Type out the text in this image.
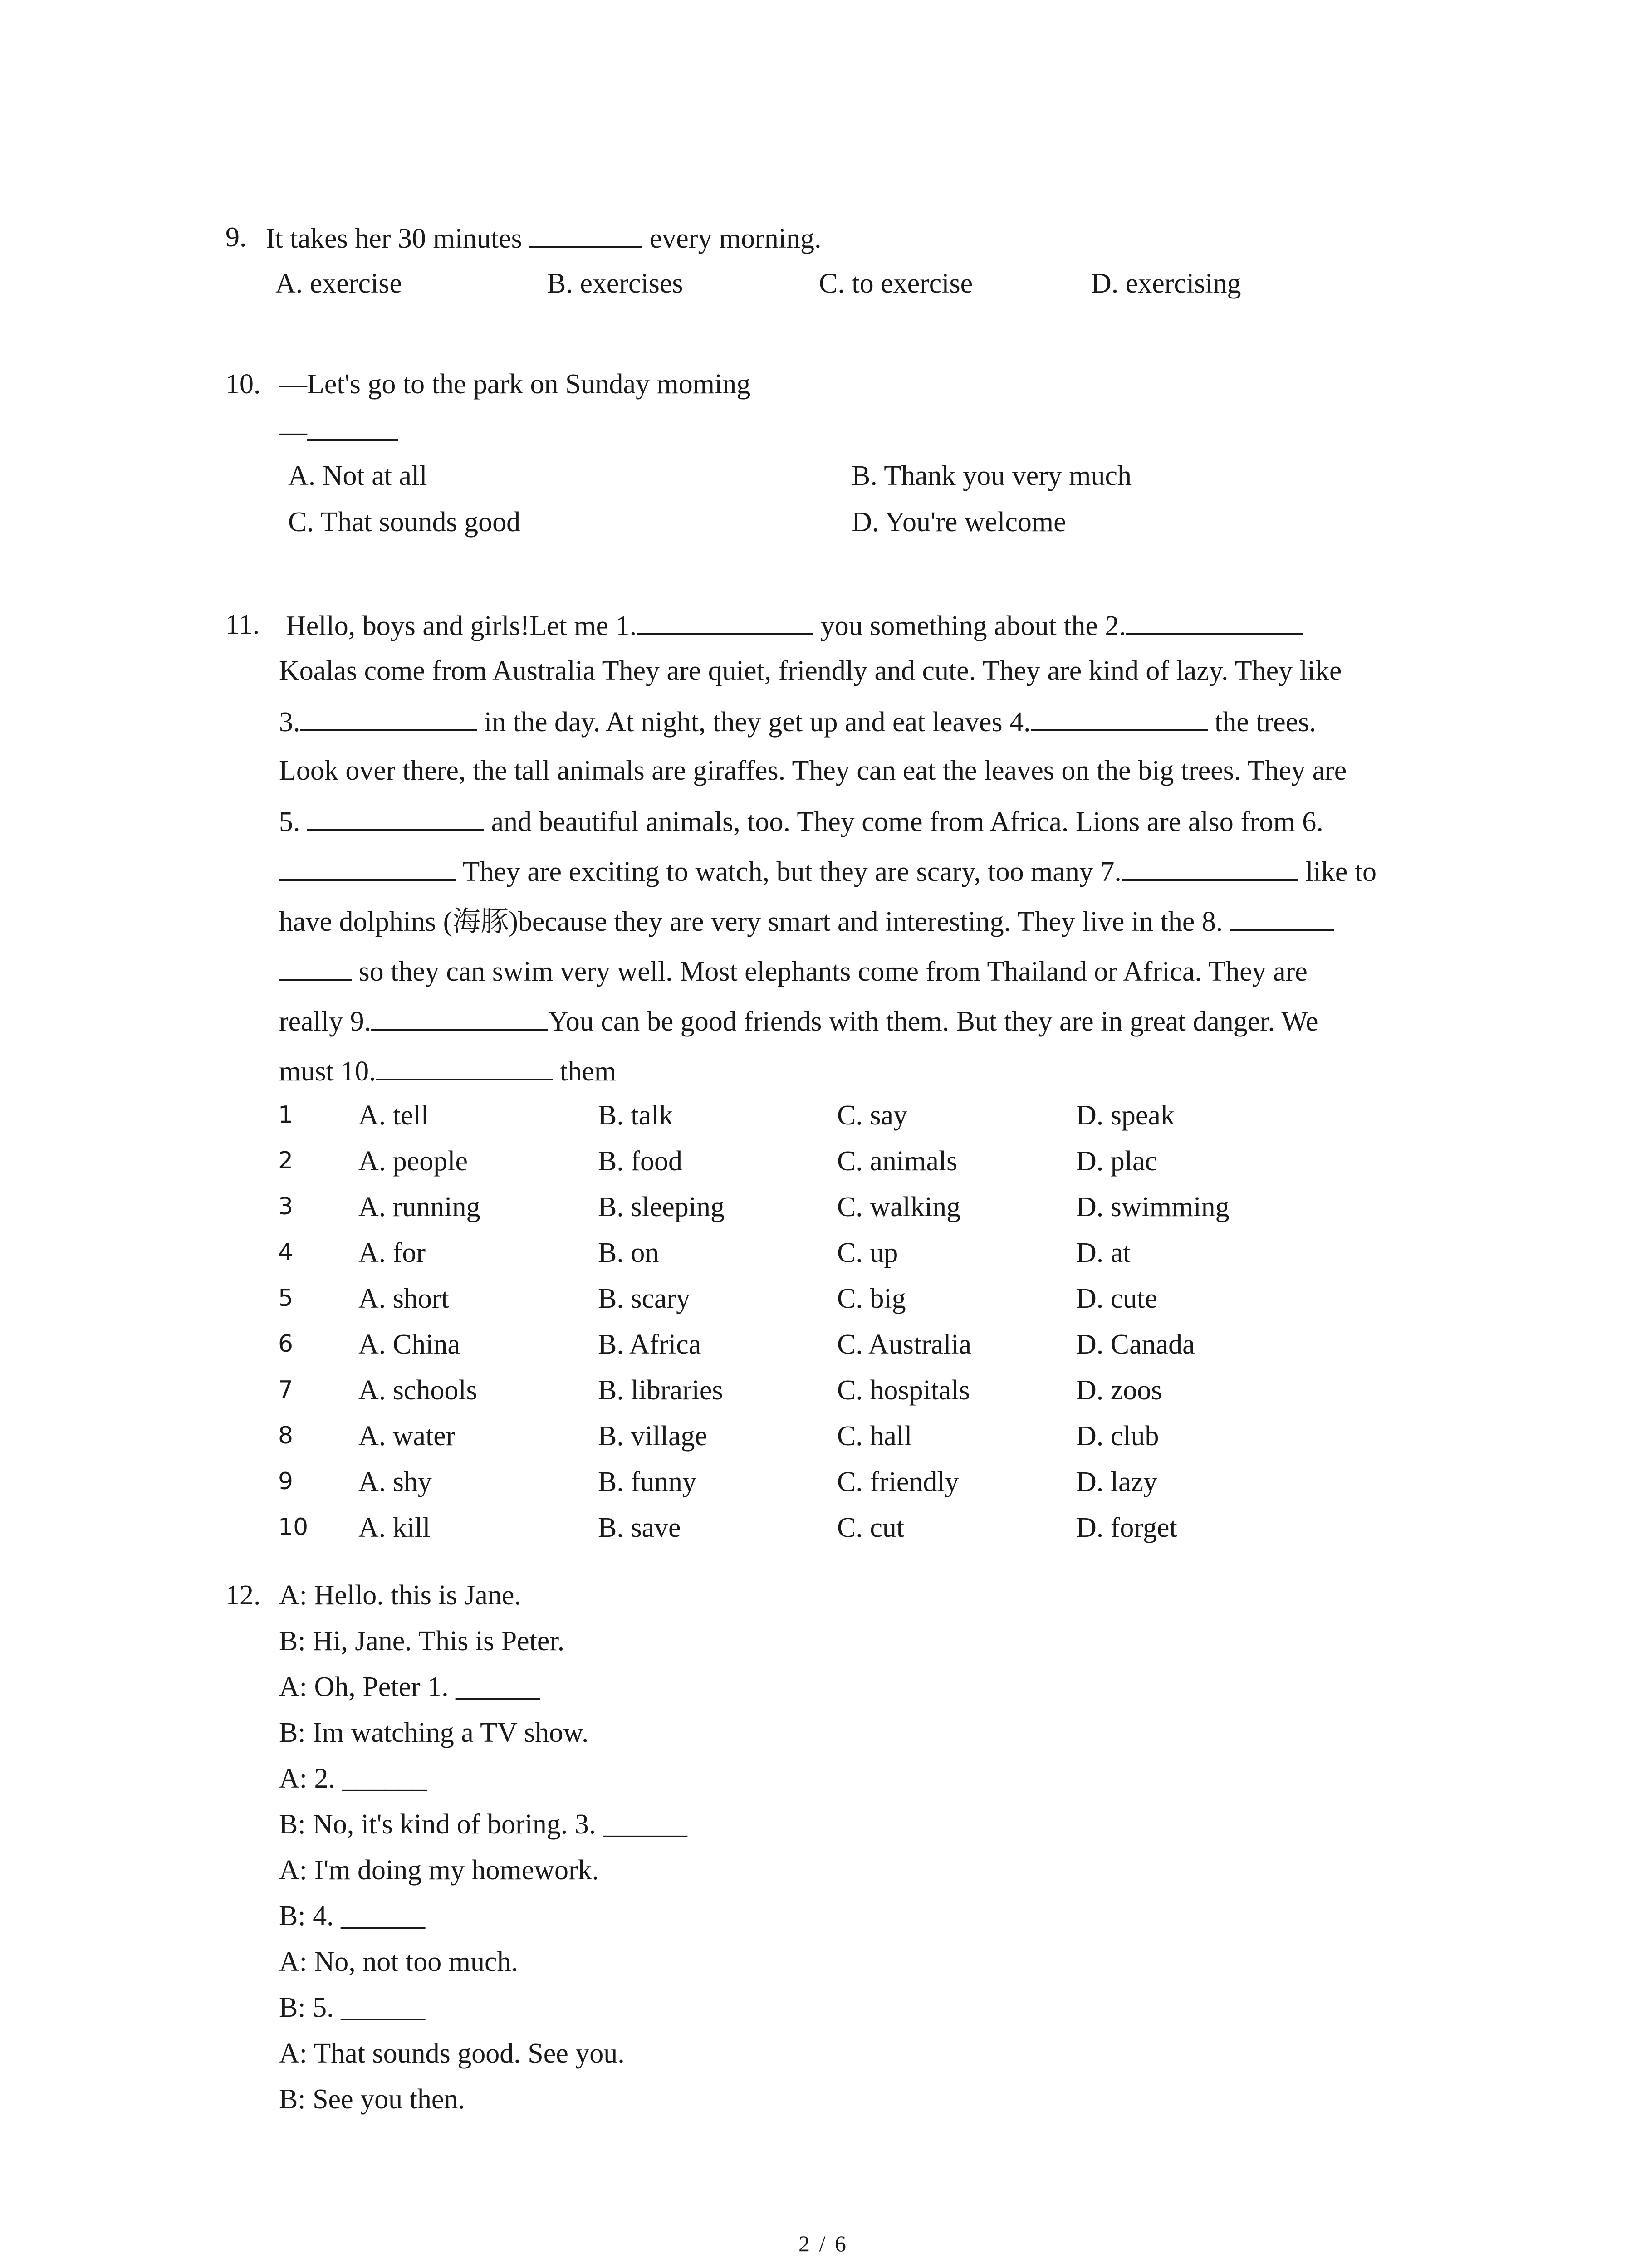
9. It takes her 30 minutes	every morning.
A. exercise	B. exercises	C. to exercise	D. exercising
10. —Let's go to the park on Sunday moming
—
A. Not at all	B. Thank you very much
C. That sounds good	D. You're welcome
11. Hello, boys and girls!Let me 1.	you something about the 2.
Koalas come from Australia They are quiet, friendly and cute. They are kind of lazy. They like
3.	in the day. At night, they get up and eat leaves 4.	the trees.
Look over there, the tall animals are giraffes. They can eat the leaves on the big trees. They are
5.	and beautiful animals, too. They come from Africa. Lions are also from 6.
They are exciting to watch, but they are scary, too many 7.	like to
have dolphins (海豚)because they are very smart and interesting. They live in the 8.
so they can swim very well. Most elephants come from Thailand or Africa. They are
really 9.	You can be good friends with them. But they are in great danger. We
must 10.	them
1 A. tell	B. talk	C. say	D. speak
2 A. people	B. food	C. animals	D. plac
3 A. running	B. sleeping	C. walking	D. swimming
4 A. for	B. on	C. up	D. at
5 A. short	B. scary	C. big	D. cute
6 A. China	B. Africa	C. Australia	D. Canada
7 A. schools	B. libraries	C. hospitals	D. zoos
8 A. water	B. village	C. hall	D. club
9 A. shy	B. funny	C. friendly	D. lazy
10 A. kill	B. save	C. cut	D. forget
12. A: Hello. this is Jane.
B: Hi, Jane. This is Peter.
A: Oh, Peter 1. ______
B: Im watching a TV show.
A: 2. ______
B: No, it's kind of boring. 3. ______
A: I'm doing my homework.
B: 4. ______
A: No, not too much.
B: 5. ______
A: That sounds good. See you.
B: See you then.
2 / 6
